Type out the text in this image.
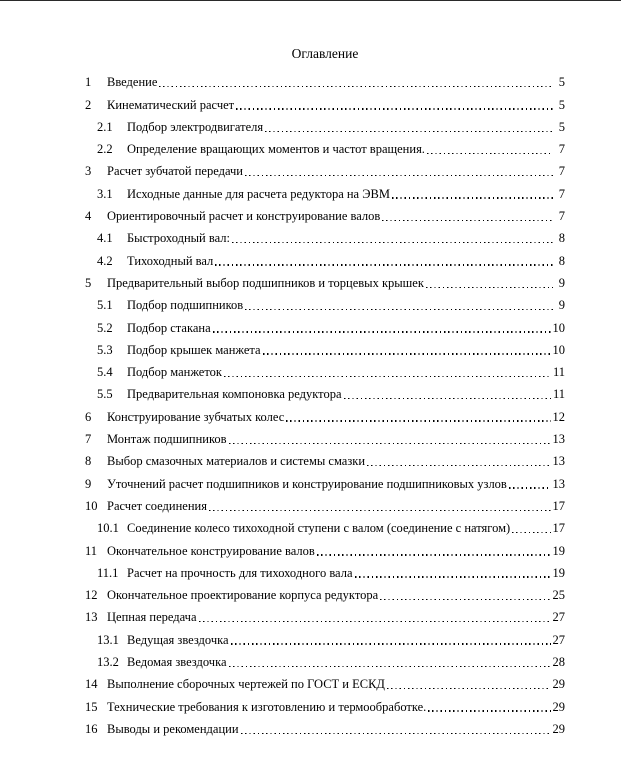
Оглавление
1	Введение	5
2	Кинематический расчет	5
2.1	Подбор электродвигателя	5
2.2	Определение вращающих моментов и частот вращения.	7
3	Расчет зубчатой передачи	7
3.1	Исходные данные для расчета редуктора на ЭВМ	7
4	Ориентировочный расчет и конструирование валов	7
4.1	Быстроходный вал:	8
4.2	Тихоходный вал	8
5	Предварительный выбор подшипников и торцевых крышек	9
5.1	Подбор подшипников	9
5.2	Подбор стакана	10
5.3	Подбор крышек манжета	10
5.4	Подбор манжеток	11
5.5	Предварительная компоновка редуктора	11
6	Конструирование зубчатых колес	12
7	Монтаж подшипников	13
8	Выбор смазочных материалов и системы смазки	13
9	Уточнений расчет подшипников и конструирование подшипниковых узлов	13
10 Расчет соединения	17
10.1 Соединение колесо тихоходной ступени с валом (соединение с натягом)	17
11 Окончательное конструирование валов	19
11.1 Расчет на прочность для тихоходного вала	19
12 Окончательное проектирование корпуса редуктора	25
13 Цепная передача	27
13.1 Ведущая звездочка	27
13.2 Ведомая звездочка	28
14 Выполнение сборочных чертежей по ГОСТ и ЕСКД	29
15 Технические требования к изготовлению и термообработке.	29
16 Выводы и рекомендации	29
